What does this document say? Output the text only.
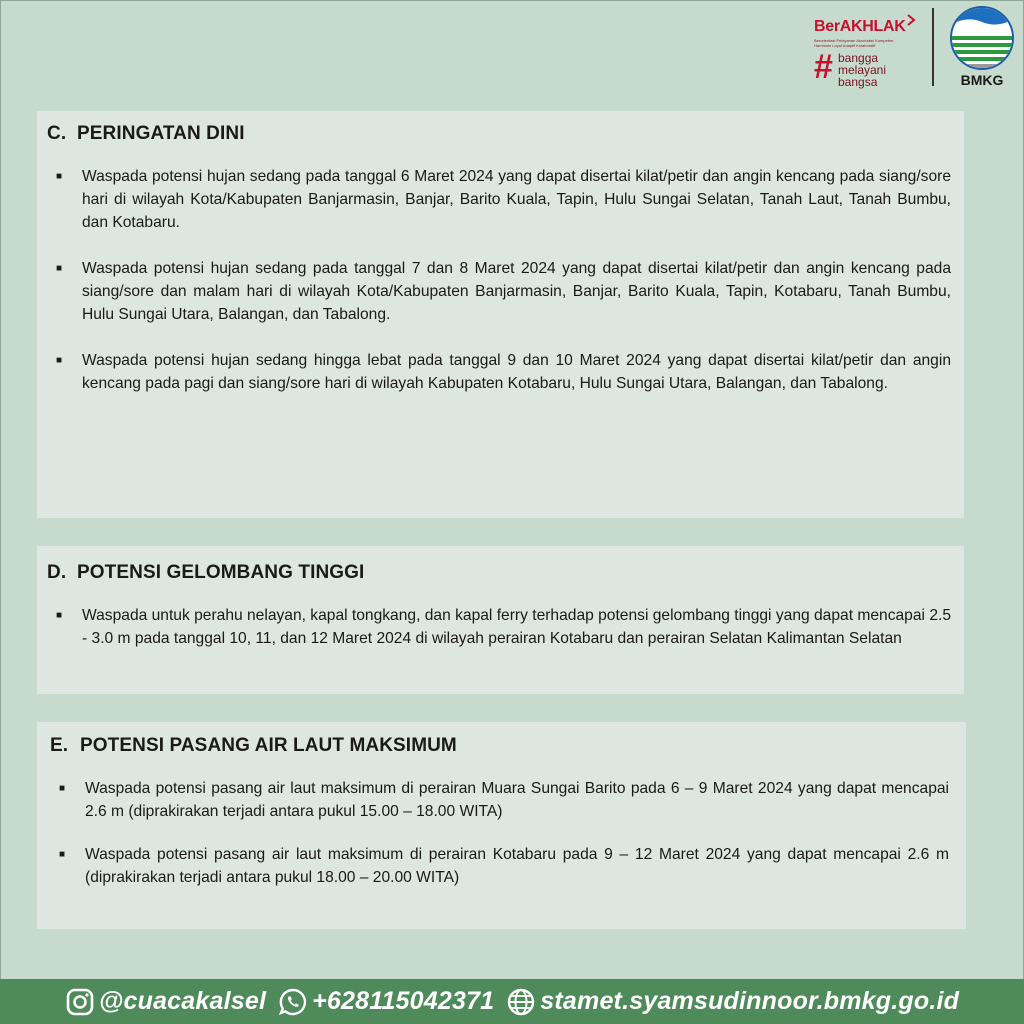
BerAKHLAK
Berorientasi Pelayanan Akuntabel Kompeten Harmonis Loyal Adaptif Kolaboratif
# bangga
melayani
bangsa	BMKG
C. PERINGATAN DINI
■ Waspada potensi hujan sedang pada tanggal 6 Maret 2024 yang dapat disertai kilat/petir dan angin kencang pada siang/sore hari di wilayah Kota/Kabupaten Banjarmasin, Banjar, Barito Kuala, Tapin, Hulu Sungai Selatan, Tanah Laut, Tanah Bumbu, dan Kotabaru.
■ Waspada potensi hujan sedang pada tanggal 7 dan 8 Maret 2024 yang dapat disertai kilat/petir dan angin kencang pada siang/sore dan malam hari di wilayah Kota/Kabupaten Banjarmasin, Banjar, Barito Kuala, Tapin, Kotabaru, Tanah Bumbu, Hulu Sungai Utara, Balangan, dan Tabalong.
■ Waspada potensi hujan sedang hingga lebat pada tanggal 9 dan 10 Maret 2024 yang dapat disertai kilat/petir dan angin kencang pada pagi dan siang/sore hari di wilayah Kabupaten Kotabaru, Hulu Sungai Utara, Balangan, dan Tabalong.
D. POTENSI GELOMBANG TINGGI
■ Waspada untuk perahu nelayan, kapal tongkang, dan kapal ferry terhadap potensi gelombang tinggi yang dapat mencapai 2.5 - 3.0 m pada tanggal 10, 11, dan 12 Maret 2024 di wilayah perairan Kotabaru dan perairan Selatan Kalimantan Selatan
E. POTENSI PASANG AIR LAUT MAKSIMUM
■ Waspada potensi pasang air laut maksimum di perairan Muara Sungai Barito pada 6 – 9 Maret 2024 yang dapat mencapai 2.6 m (diprakirakan terjadi antara pukul 15.00 – 18.00 WITA)
■ Waspada potensi pasang air laut maksimum di perairan Kotabaru pada 9 – 12 Maret 2024 yang dapat mencapai 2.6 m (diprakirakan terjadi antara pukul 18.00 – 20.00 WITA)
@cuacakalsel +628115042371 stamet.syamsudinnoor.bmkg.go.id
